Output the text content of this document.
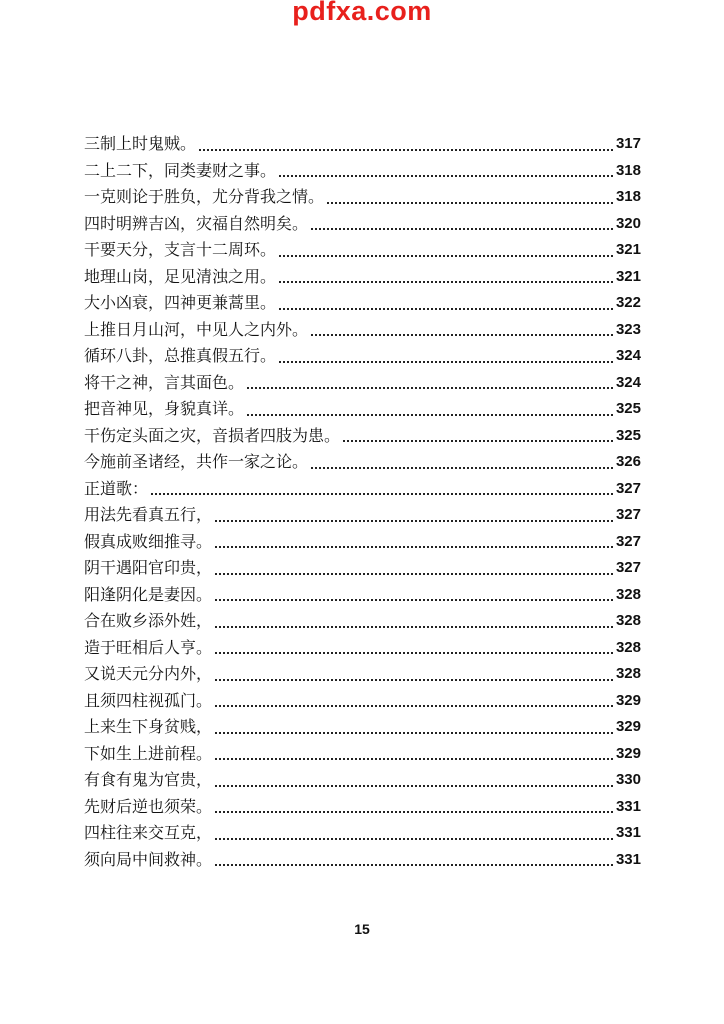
pdfxa.com
三制上时鬼贼。	317
二上二下，同类妻财之事。	318
一克则论于胜负，尤分背我之情。	318
四时明辨吉凶，灾福自然明矣。	320
干要天分，支言十二周环。	321
地理山岗，足见清浊之用。	321
大小凶衰，四神更兼蒿里。	322
上推日月山河，中见人之内外。	323
循环八卦，总推真假五行。	324
将干之神，言其面色。	324
把音神见，身貌真详。	325
干伤定头面之灾，音损者四肢为患。	325
今施前圣诸经，共作一家之论。	326
正道歌：	327
用法先看真五行，	327
假真成败细推寻。	327
阴干遇阳官印贵，	327
阳逢阴化是妻因。	328
合在败乡添外姓，	328
造于旺相后人亨。	328
又说天元分内外，	328
且须四柱视孤门。	329
上来生下身贫贱，	329
下如生上进前程。	329
有食有鬼为官贵，	330
先财后逆也须荣。	331
四柱往来交互克，	331
须向局中间救神。	331
15
